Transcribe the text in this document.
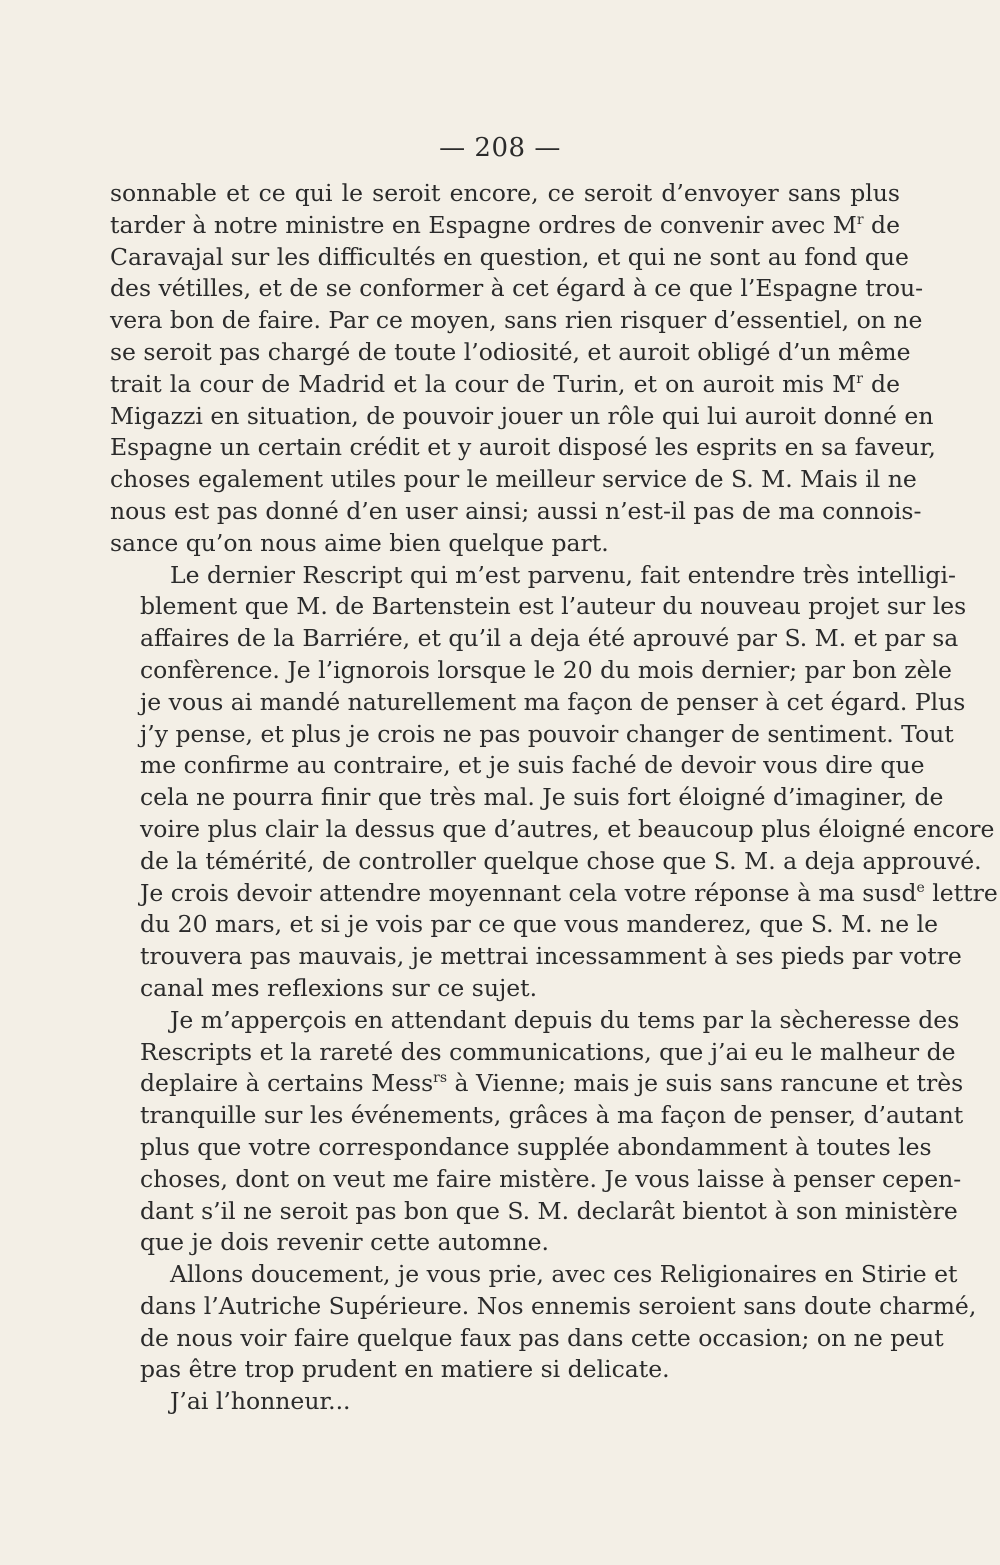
— 208 —

sonnable et ce qui le seroit encore, ce seroit d’envoyer sans plus
tarder à notre ministre en Espagne ordres de convenir avec $M^r$ de
Caravajal sur les difficultés en question, et qui ne sont au fond que
des vétilles, et de se conformer à cet égard à ce que l’Espagne trou-
vera bon de faire. Par ce moyen, sans rien risquer d’essentiel, on ne
se seroit pas chargé de toute l’odiosité, et auroit obligé d’un même
trait la cour de Madrid et la cour de Turin, et on auroit mis $M^r$ de
Migazzi en situation, de pouvoir jouer un rôle qui lui auroit donné en
Espagne un certain crédit et y auroit disposé les esprits en sa faveur,
choses egalement utiles pour le meilleur service de S. M. Mais il ne
nous est pas donné d’en user ainsi; aussi n’est-il pas de ma connois-
sance qu’on nous aime bien quelque part.

Le dernier Rescript qui m’est parvenu, fait entendre très intelligi-
blement que M. de Bartenstein est l’auteur du nouveau projet sur les
affaires de la Barriére, et qu’il a deja été aprouvé par S. M. et par sa
confèrence. Je l’ignorois lorsque le 20 du mois dernier; par bon zèle
je vous ai mandé naturellement ma façon de penser à cet égard. Plus
j’y pense, et plus je crois ne pas pouvoir changer de sentiment. Tout
me confirme au contraire, et je suis faché de devoir vous dire que
cela ne pourra finir que très mal. Je suis fort éloigné d’imaginer, de
voire plus clair la dessus que d’autres, et beaucoup plus éloigné encore
de la témérité, de controller quelque chose que S. M. a deja approuvé.
Je crois devoir attendre moyennant cela votre réponse à ma susd$^e$ lettre
du 20 mars, et si je vois par ce que vous manderez, que S. M. ne le
trouvera pas mauvais, je mettrai incessamment à ses pieds par votre
canal mes reflexions sur ce sujet.

Je m’apperçois en attendant depuis du tems par la sècheresse des
Rescripts et la rareté des communications, que j’ai eu le malheur de
deplaire à certains Mess$^{rs}$ à Vienne; mais je suis sans rancune et très
tranquille sur les événements, grâces à ma façon de penser, d’autant
plus que votre correspondance supplée abondamment à toutes les
choses, dont on veut me faire mistère. Je vous laisse à penser cepen-
dant s’il ne seroit pas bon que S. M. declarât bientot à son ministère
que je dois revenir cette automne.

Allons doucement, je vous prie, avec ces Religionaires en Stirie et
dans l’Autriche Supérieure. Nos ennemis seroient sans doute charmé,
de nous voir faire quelque faux pas dans cette occasion; on ne peut
pas être trop prudent en matiere si delicate.

J’ai l’honneur...
